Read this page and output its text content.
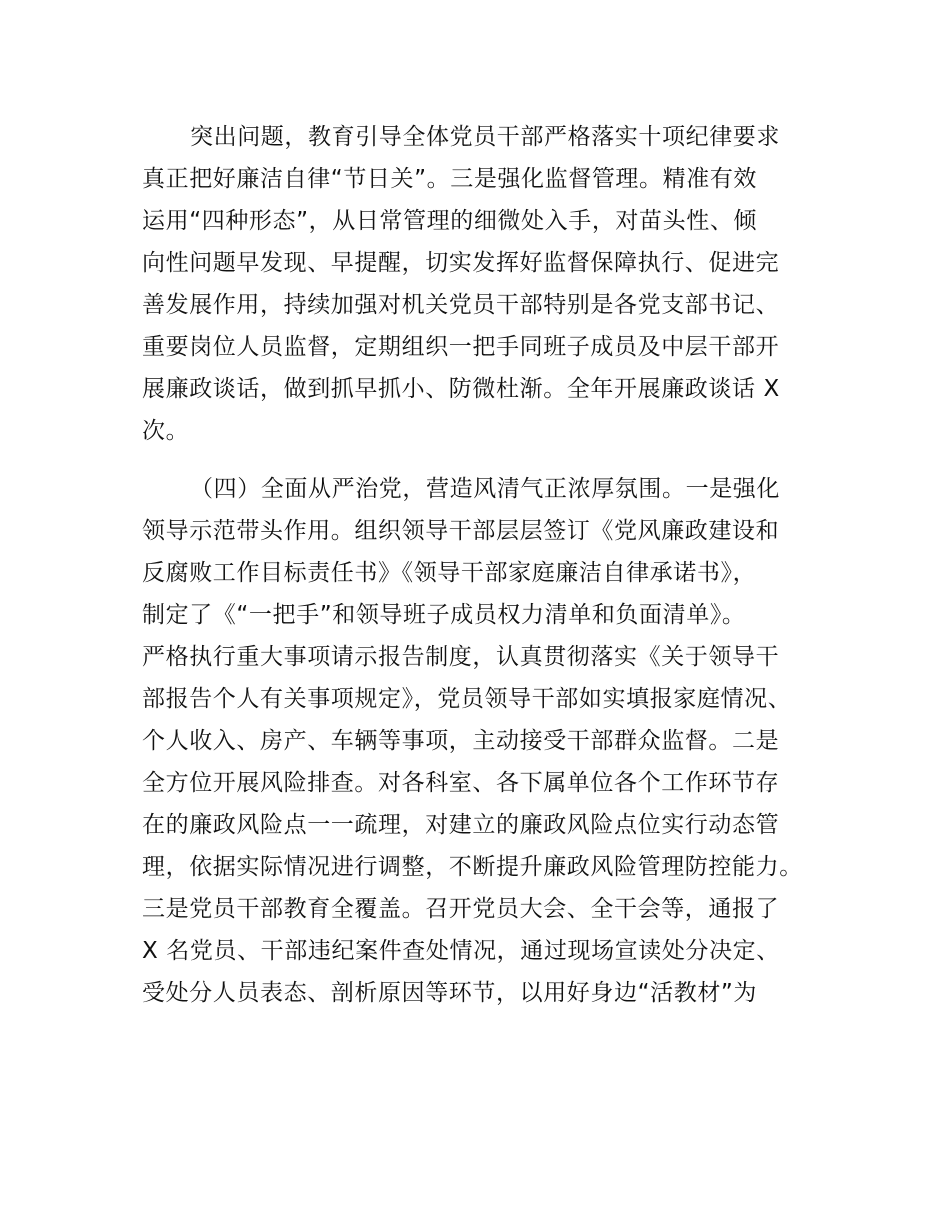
突出问题，教育引导全体党员干部严格落实十项纪律要求
真正把好廉洁自律“节日关”。三是强化监督管理。精准有效
运用“四种形态”，从日常管理的细微处入手，对苗头性、倾
向性问题早发现、早提醒，切实发挥好监督保障执行、促进完
善发展作用，持续加强对机关党员干部特别是各党支部书记、
重要岗位人员监督，定期组织一把手同班子成员及中层干部开
展廉政谈话，做到抓早抓小、防微杜渐。全年开展廉政谈话 X
次。
（四）全面从严治党，营造风清气正浓厚氛围。一是强化
领导示范带头作用。组织领导干部层层签订《党风廉政建设和
反腐败工作目标责任书》《领导干部家庭廉洁自律承诺书》，
制定了《“一把手”和领导班子成员权力清单和负面清单》。
严格执行重大事项请示报告制度，认真贯彻落实《关于领导干
部报告个人有关事项规定》，党员领导干部如实填报家庭情况、
个人收入、房产、车辆等事项，主动接受干部群众监督。二是
全方位开展风险排查。对各科室、各下属单位各个工作环节存
在的廉政风险点一一疏理，对建立的廉政风险点位实行动态管
理，依据实际情况进行调整，不断提升廉政风险管理防控能力。
三是党员干部教育全覆盖。召开党员大会、全干会等，通报了
X 名党员、干部违纪案件查处情况，通过现场宣读处分决定、
受处分人员表态、剖析原因等环节，以用好身边“活教材”为
